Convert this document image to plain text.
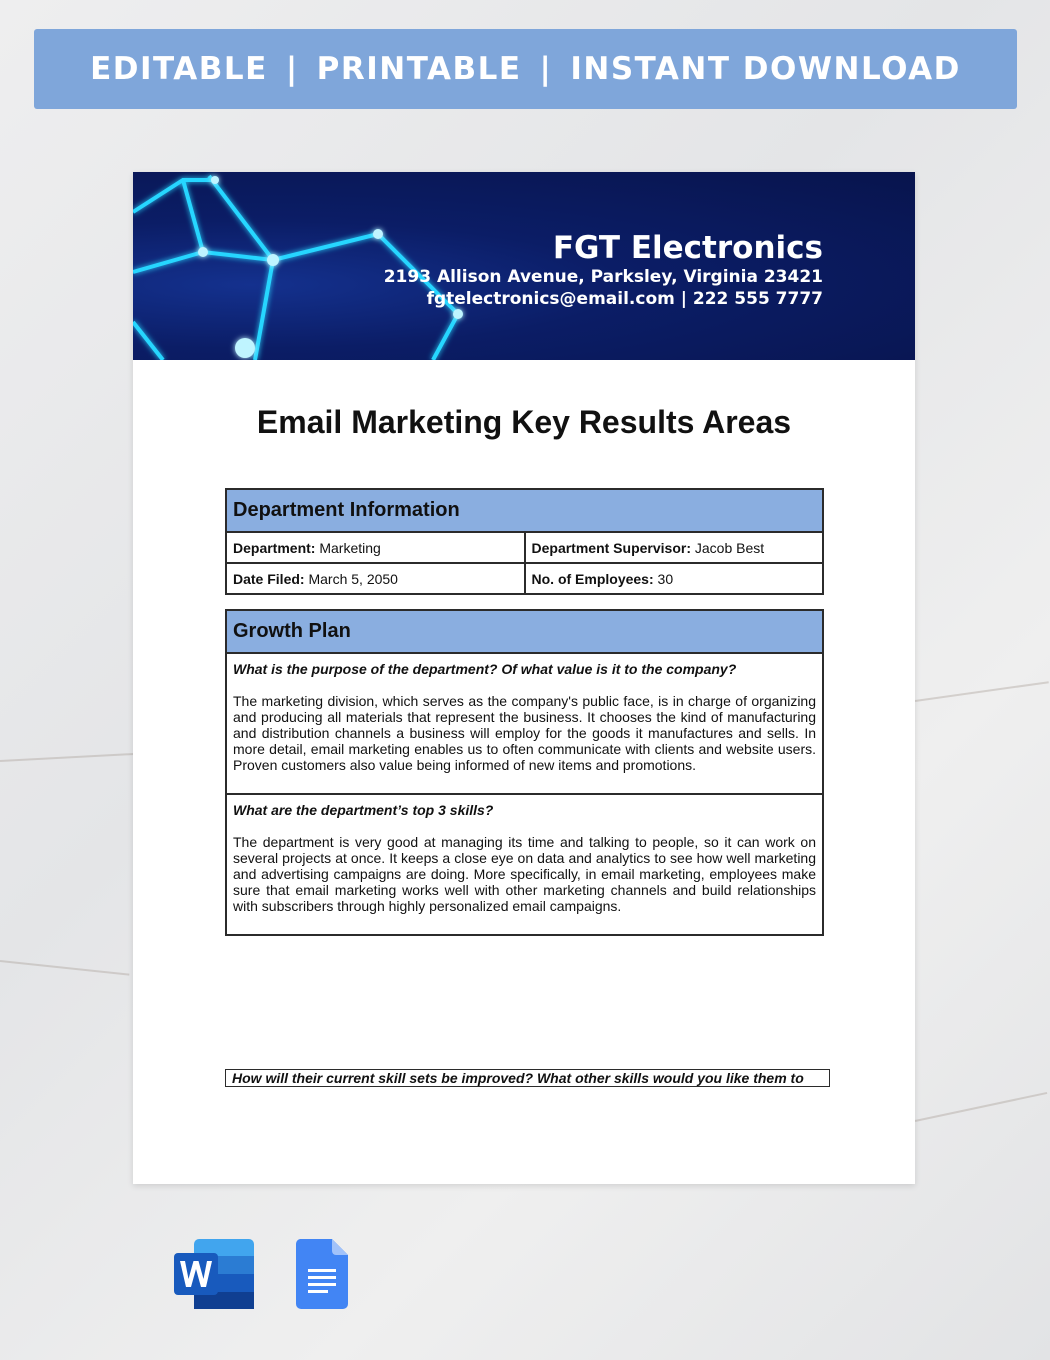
EDITABLE | PRINTABLE | INSTANT DOWNLOAD
FGT Electronics
2193 Allison Avenue, Parksley, Virginia 23421
fgtelectronics@email.com | 222 555 7777
Email Marketing Key Results Areas
Department Information	
Department: Marketing	Department Supervisor: Jacob Best
Date Filed: March 5, 2050	No. of Employees: 30
Growth Plan

What is the purpose of the department? Of what value is it to the company?
The marketing division, which serves as the company's public face, is in charge of organizing and producing all materials that represent the business. It chooses the kind of manufacturing and distribution channels a business will employ for the goods it manufactures and sells. In more detail, email marketing enables us to often communicate with clients and website users. Proven customers also value being informed of new items and promotions.

What are the department’s top 3 skills?
The department is very good at managing its time and talking to people, so it can work on several projects at once. It keeps a close eye on data and analytics to see how well marketing and advertising campaigns are doing. More specifically, in email marketing, employees make sure that email marketing works well with other marketing channels and build relationships with subscribers through highly personalized email campaigns.
How will their current skill sets be improved? What other skills would you like them to
